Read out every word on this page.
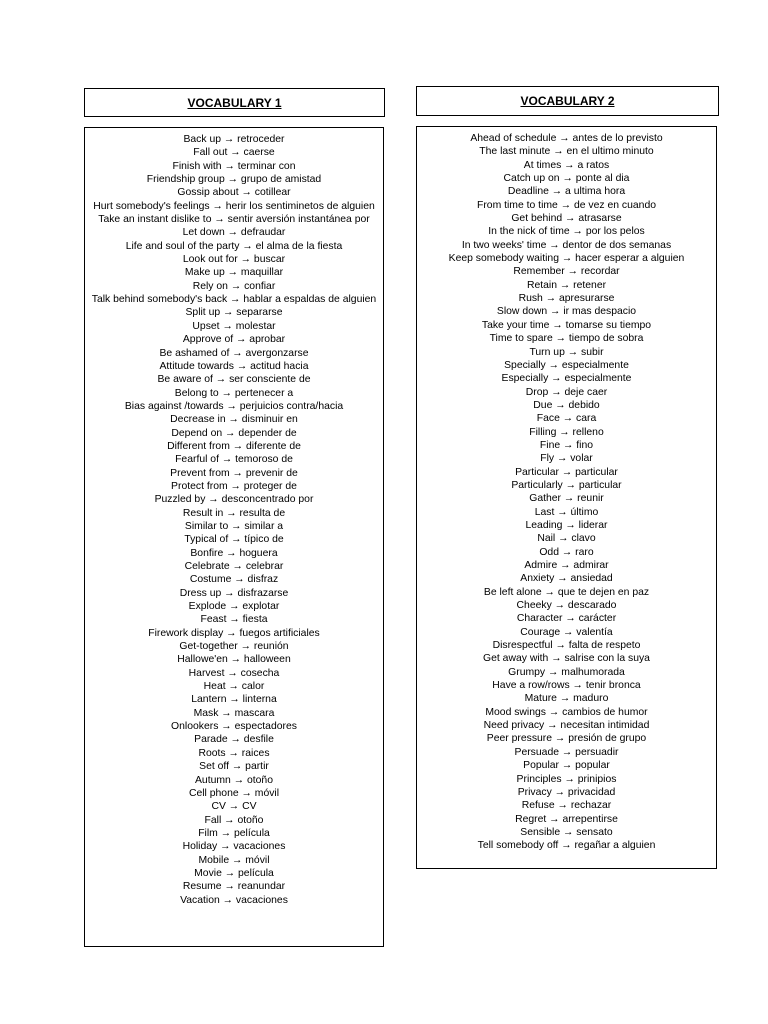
VOCABULARY 1
Back up → retroceder
Fall out → caerse
Finish with → terminar con
Friendship group → grupo de amistad
Gossip about → cotillear
Hurt somebody's feelings → herir los sentiminetos de alguien
Take an instant dislike to → sentir aversión instantánea por
Let down → defraudar
Life and soul of the party → el alma de la fiesta
Look out for → buscar
Make up → maquillar
Rely on → confiar
Talk behind somebody's back → hablar a espaldas de alguien
Split up → separarse
Upset → molestar
Approve of → aprobar
Be ashamed of → avergonzarse
Attitude towards → actitud hacia
Be aware of → ser consciente de
Belong to → pertenecer a
Bias against /towards → perjuicios contra/hacia
Decrease in → disminuir en
Depend on → depender de
Different from → diferente de
Fearful of → temoroso de
Prevent from → prevenir de
Protect from → proteger de
Puzzled by → desconcentrado por
Result in → resulta de
Similar to → similar a
Typical of → típico de
Bonfire → hoguera
Celebrate → celebrar
Costume → disfraz
Dress up → disfrazarse
Explode → explotar
Feast → fiesta
Firework display → fuegos artificiales
Get-together → reunión
Hallowe'en → halloween
Harvest → cosecha
Heat → calor
Lantern → linterna
Mask → mascara
Onlookers → espectadores
Parade → desfile
Roots → raices
Set off → partir
Autumn → otoño
Cell phone → móvil
CV → CV
Fall → otoño
Film → película
Holiday → vacaciones
Mobile → móvil
Movie → película
Resume → reanundar
Vacation → vacaciones
VOCABULARY 2
Ahead of schedule → antes de lo previsto
The last minute → en el ultimo minuto
At times → a ratos
Catch up on → ponte al dia
Deadline → a ultima hora
From time to time → de vez en cuando
Get behind → atrasarse
In the nick of time → por los pelos
In two weeks' time → dentor de dos semanas
Keep somebody waiting → hacer esperar a alguien
Remember → recordar
Retain → retener
Rush → apresurarse
Slow down → ir mas despacio
Take your time → tomarse su tiempo
Time to spare → tiempo de sobra
Turn up → subir
Specially → especialmente
Especially → especialmente
Drop → deje caer
Due → debido
Face → cara
Filling → relleno
Fine → fino
Fly → volar
Particular → particular
Particularly → particular
Gather → reunir
Last → último
Leading → liderar
Nail → clavo
Odd → raro
Admire → admirar
Anxiety → ansiedad
Be left alone → que te dejen en paz
Cheeky → descarado
Character → carácter
Courage → valentía
Disrespectful → falta de respeto
Get away with → salrise con la suya
Grumpy → malhumorada
Have a row/rows → tenir bronca
Mature → maduro
Mood swings → cambios de humor
Need privacy → necesitan intimidad
Peer pressure → presión de grupo
Persuade → persuadir
Popular → popular
Principles → prinipios
Privacy → privacidad
Refuse → rechazar
Regret → arrepentirse
Sensible → sensato
Tell somebody off → regañar a alguien
